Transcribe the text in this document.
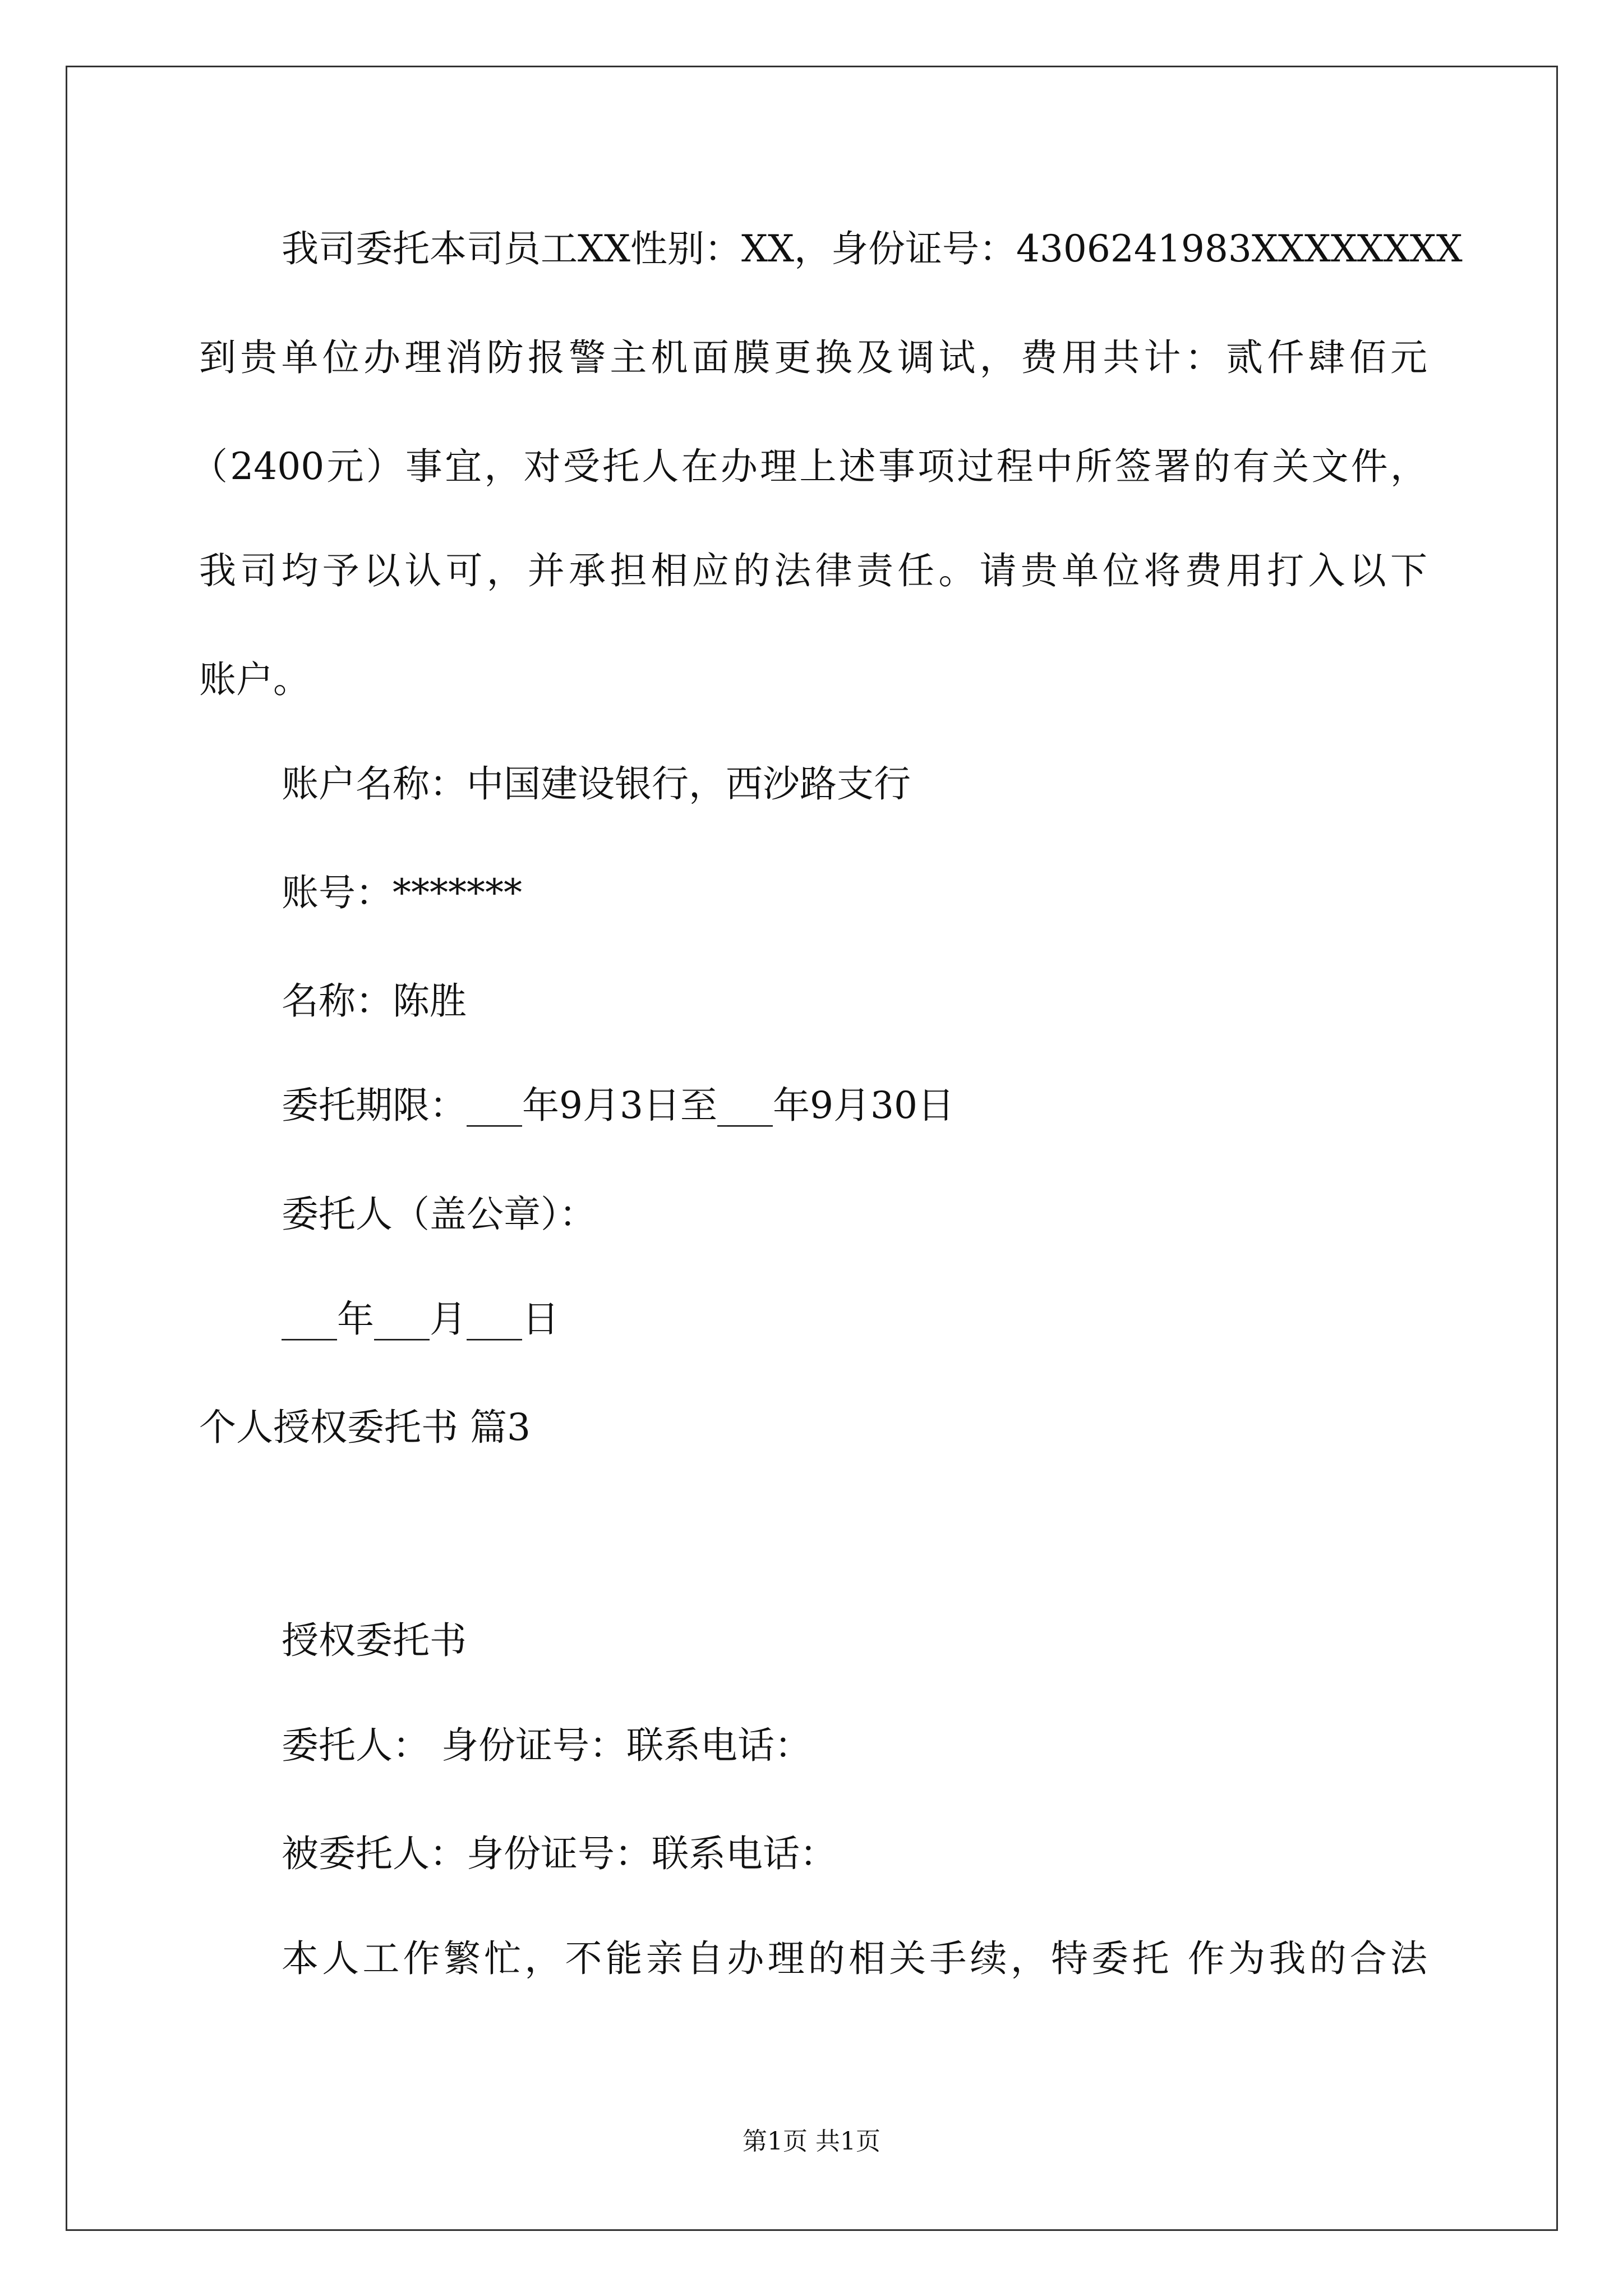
我司委托本司员工XX性别：XX，身份证号：4306241983XXXXXXXX
到贵单位办理消防报警主机面膜更换及调试，费用共计：贰仟肆佰元
（2400元）事宜，对受托人在办理上述事项过程中所签署的有关文件，
我司均予以认可，并承担相应的法律责任。请贵单位将费用打入以下
账户。
账户名称：中国建设银行，西沙路支行
账号：*******
名称：陈胜
委托期限：___年9月3日至___年9月30日
委托人（盖公章）：
___年___月___日
个人授权委托书 篇3
授权委托书
委托人： 身份证号：联系电话：
被委托人：身份证号：联系电话：
本人工作繁忙，不能亲自办理的相关手续，特委托 作为我的合法
第1页 共1页
